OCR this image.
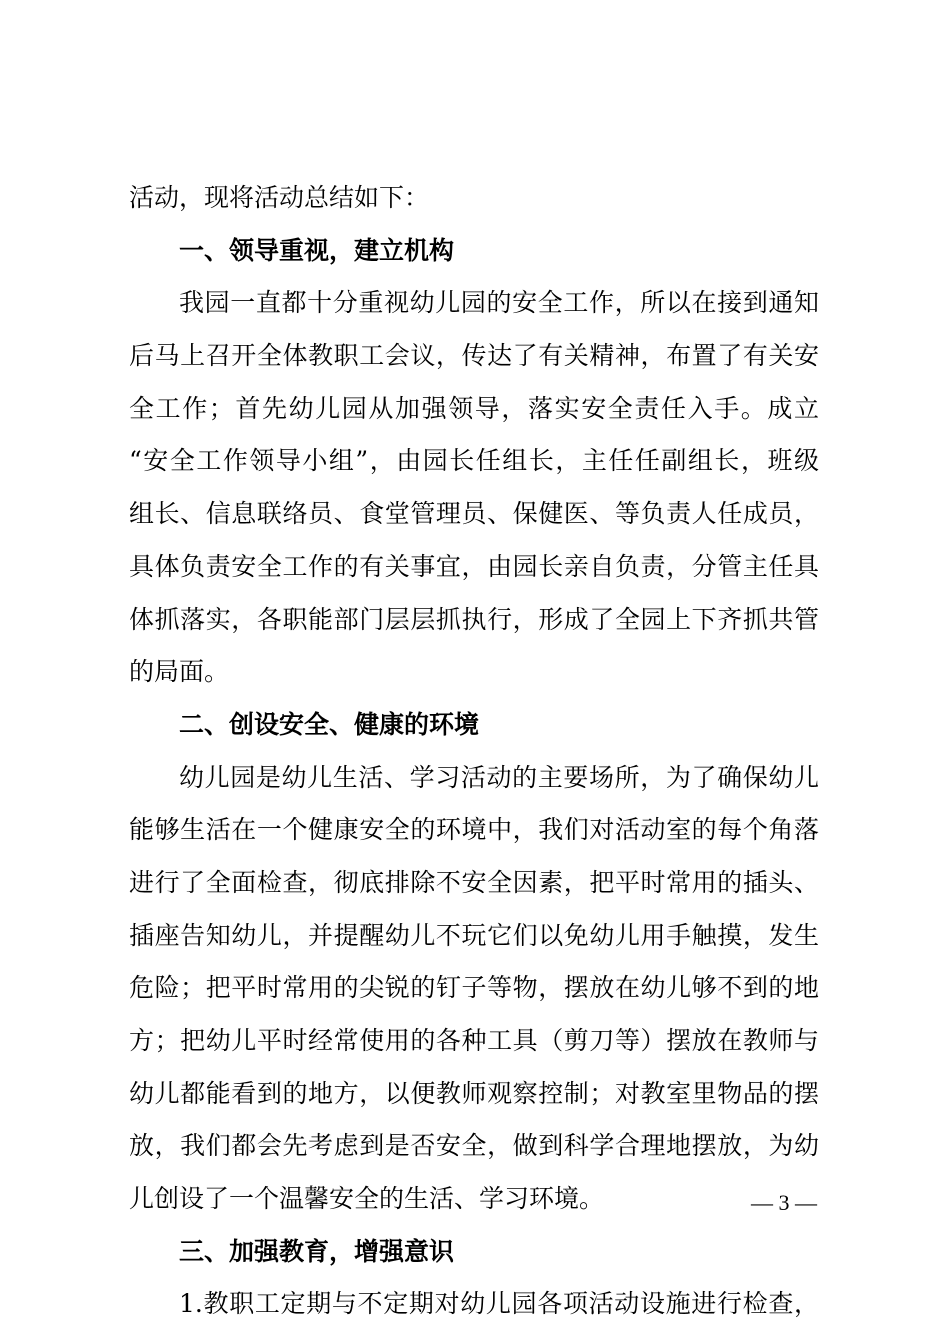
活动，现将活动总结如下：
一、领导重视，建立机构
我园一直都十分重视幼儿园的安全工作，所以在接到通知
后马上召开全体教职工会议，传达了有关精神，布置了有关安
全工作；首先幼儿园从加强领导，落实安全责任入手。成立
“安全工作领导小组”，由园长任组长，主任任副组长，班级
组长、信息联络员、食堂管理员、保健医、等负责人任成员，
具体负责安全工作的有关事宜，由园长亲自负责，分管主任具
体抓落实，各职能部门层层抓执行，形成了全园上下齐抓共管
的局面。
二、创设安全、健康的环境
幼儿园是幼儿生活、学习活动的主要场所，为了确保幼儿
能够生活在一个健康安全的环境中，我们对活动室的每个角落
进行了全面检查，彻底排除不安全因素，把平时常用的插头、
插座告知幼儿，并提醒幼儿不玩它们以免幼儿用手触摸，发生
危险；把平时常用的尖锐的钉子等物，摆放在幼儿够不到的地
方；把幼儿平时经常使用的各种工具（剪刀等）摆放在教师与
幼儿都能看到的地方，以便教师观察控制；对教室里物品的摆
放，我们都会先考虑到是否安全，做到科学合理地摆放，为幼
儿创设了一个温馨安全的生活、学习环境。
三、加强教育，增强意识
1.教职工定期与不定期对幼儿园各项活动设施进行检查，
— 3 —
